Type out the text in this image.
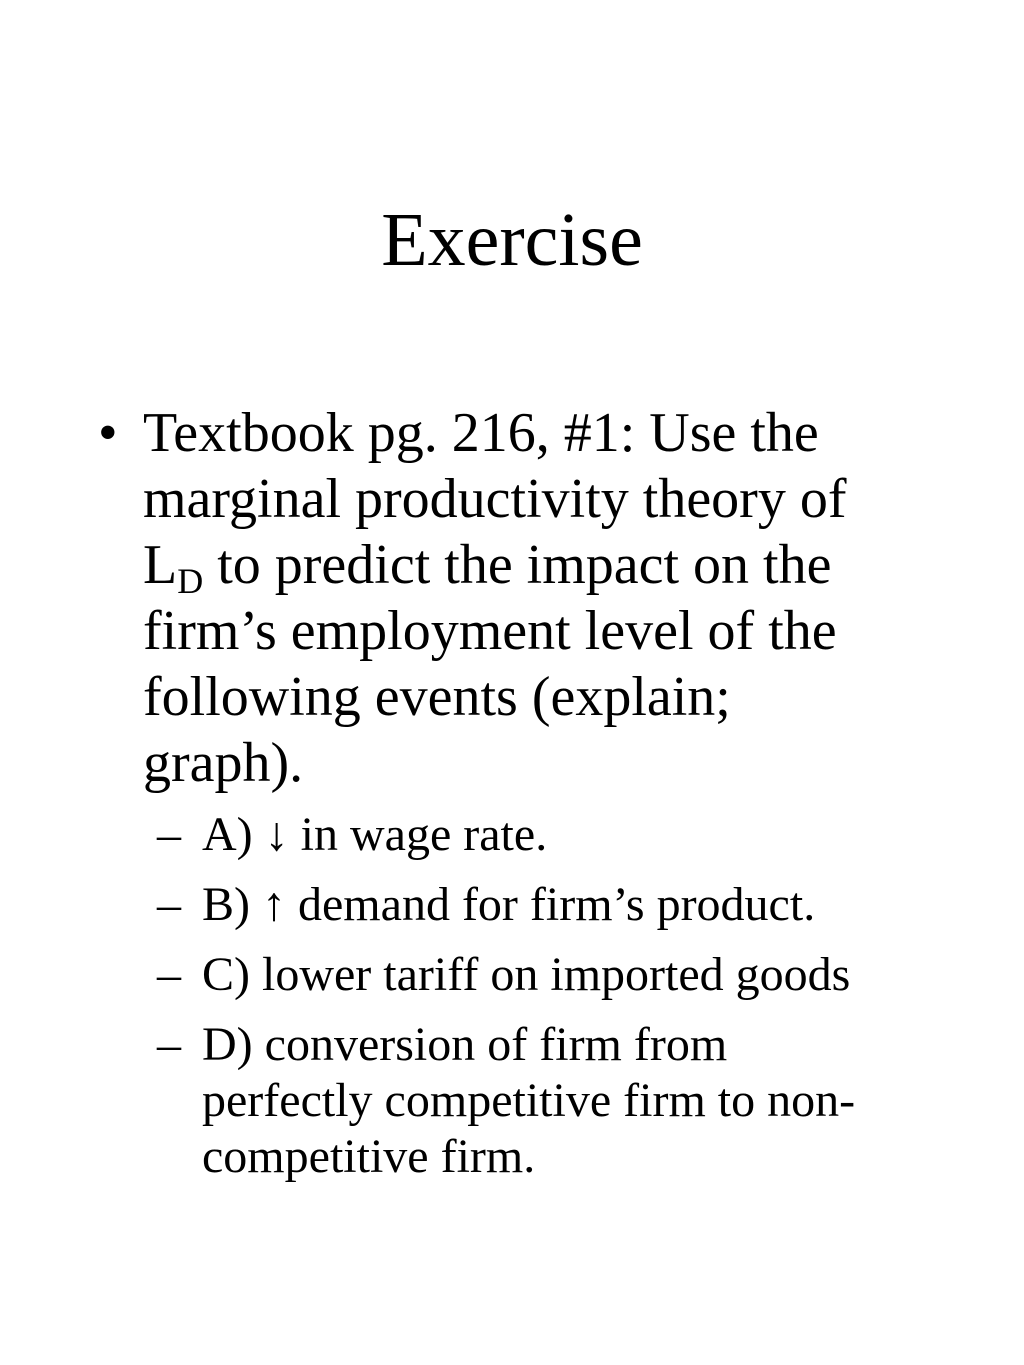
Exercise
• Textbook pg. 216, #1: Use the
marginal productivity theory of
$L_D$ to predict the impact on the
firm’s employment level of the
following events (explain;
graph).

– A) ↓ in wage rate.
– B) ↑ demand for firm’s product.
– C) lower tariff on imported goods
– D) conversion of firm from
perfectly competitive firm to non-
competitive firm.
